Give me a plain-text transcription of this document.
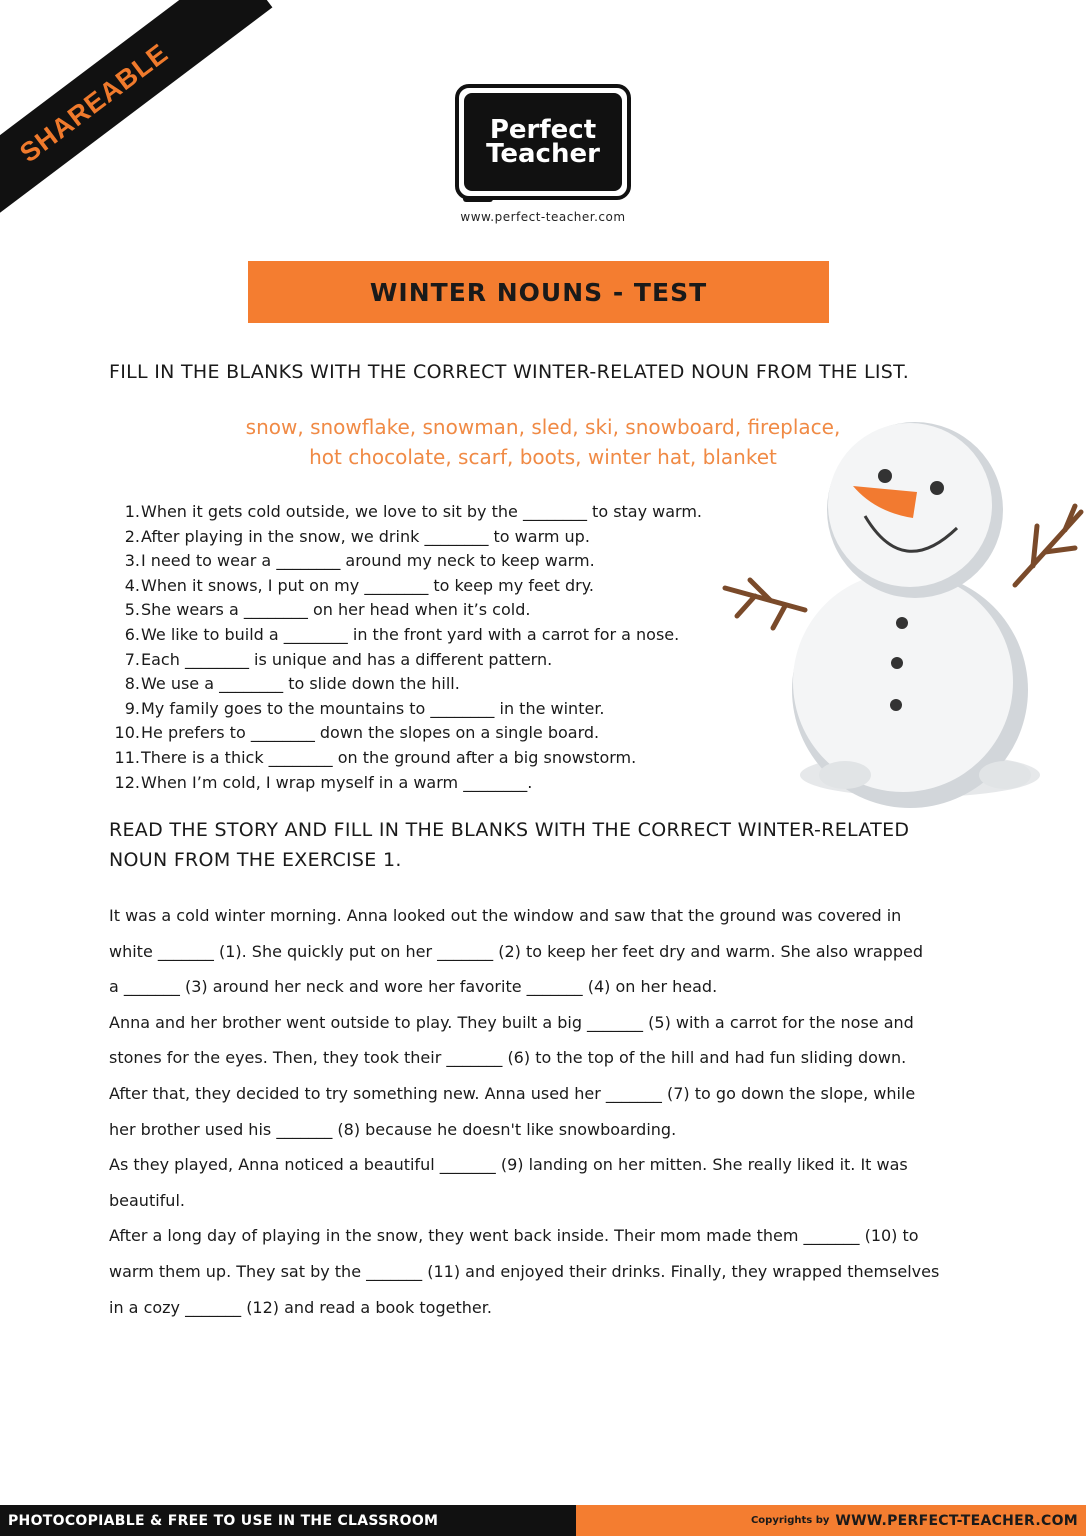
SHAREABLE	Perfect
Teacher
www.perfect-teacher.com
WINTER NOUNS - TEST
FILL IN THE BLANKS WITH THE CORRECT WINTER-RELATED NOUN FROM THE LIST.
snow, snowflake, snowman, sled, ski, snowboard, fireplace,
hot chocolate, scarf, boots, winter hat, blanket
1. When it gets cold outside, we love to sit by the ________ to stay warm.
2. After playing in the snow, we drink ________ to warm up.
3. I need to wear a ________ around my neck to keep warm.
4. When it snows, I put on my ________ to keep my feet dry.
5. She wears a ________ on her head when it’s cold.
6. We like to build a ________ in the front yard with a carrot for a nose.
7. Each ________ is unique and has a different pattern.
8. We use a ________ to slide down the hill.
9. My family goes to the mountains to ________ in the winter.
10. He prefers to ________ down the slopes on a single board.
11. There is a thick ________ on the ground after a big snowstorm.
12. When I’m cold, I wrap myself in a warm ________.
READ THE STORY AND FILL IN THE BLANKS WITH THE CORRECT WINTER-RELATED
NOUN FROM THE EXERCISE 1.

It was a cold winter morning. Anna looked out the window and saw that the ground was covered in

white _______ (1). She quickly put on her _______ (2) to keep her feet dry and warm. She also wrapped

a _______ (3) around her neck and wore her favorite _______ (4) on her head.

Anna and her brother went outside to play. They built a big _______ (5) with a carrot for the nose and

stones for the eyes. Then, they took their _______ (6) to the top of the hill and had fun sliding down.

After that, they decided to try something new. Anna used her _______ (7) to go down the slope, while

her brother used his _______ (8) because he doesn't like snowboarding.

As they played, Anna noticed a beautiful _______ (9) landing on her mitten. She really liked it. It was

beautiful.

After a long day of playing in the snow, they went back inside. Their mom made them _______ (10) to

warm them up. They sat by the _______ (11) and enjoyed their drinks. Finally, they wrapped themselves

in a cozy _______ (12) and read a book together.

PHOTOCOPIABLE & FREE TO USE IN THE CLASSROOM	Copyrights by WWW.PERFECT-TEACHER.COM
